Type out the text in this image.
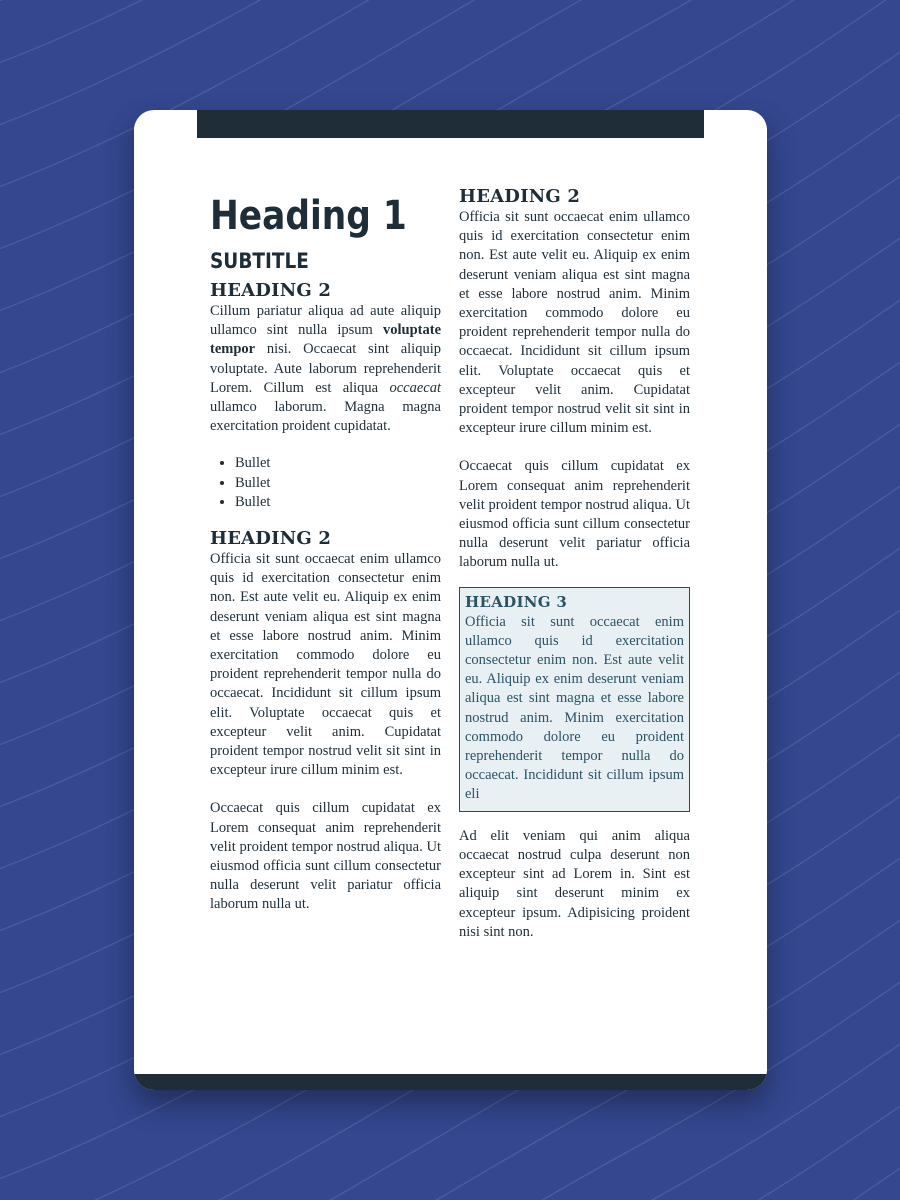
Heading 1
SUBTITLE
HEADING 2

Cillum pariatur aliqua ad aute aliquip ullamco sint nulla ipsum voluptate tempor nisi. Occaecat sint aliquip voluptate. Aute laborum reprehenderit Lorem. Cillum est aliqua occaecat ullamco laborum. Magna magna exercitation proident cupidatat.

• Bullet
• Bullet
• Bullet
HEADING 2

Officia sit sunt occaecat enim ullamco quis id exercitation consectetur enim non. Est aute velit eu. Aliquip ex enim deserunt veniam aliqua est sint magna et esse labore nostrud anim. Minim exercitation commodo dolore eu proident reprehenderit tempor nulla do occaecat. Incididunt sit cillum ipsum elit. Voluptate occaecat quis et excepteur velit anim. Cupidatat proident tempor nostrud velit sit sint in excepteur irure cillum minim est.

Occaecat quis cillum cupidatat ex Lorem consequat anim reprehenderit velit proident tempor nostrud aliqua. Ut eiusmod officia sunt cillum consectetur nulla deserunt velit pariatur officia laborum nulla ut.

HEADING 2

Officia sit sunt occaecat enim ullamco quis id exercitation consectetur enim non. Est aute velit eu. Aliquip ex enim deserunt veniam aliqua est sint magna et esse labore nostrud anim. Minim exercitation commodo dolore eu proident reprehenderit tempor nulla do occaecat. Incididunt sit cillum ipsum elit. Voluptate occaecat quis et excepteur velit anim. Cupidatat proident tempor nostrud velit sit sint in excepteur irure cillum minim est.

Occaecat quis cillum cupidatat ex Lorem consequat anim reprehenderit velit proident tempor nostrud aliqua. Ut eiusmod officia sunt cillum consectetur nulla deserunt velit pariatur officia laborum nulla ut.

HEADING 3

Officia sit sunt occaecat enim ullamco quis id exercitation consectetur enim non. Est aute velit eu. Aliquip ex enim deserunt veniam aliqua est sint magna et esse labore nostrud anim. Minim exercitation commodo dolore eu proident reprehenderit tempor nulla do occaecat. Incididunt sit cillum ipsum eli

Ad elit veniam qui anim aliqua occaecat nostrud culpa deserunt non excepteur sint ad Lorem in. Sint est aliquip sint deserunt minim ex excepteur ipsum. Adipisicing proident nisi sint non.
